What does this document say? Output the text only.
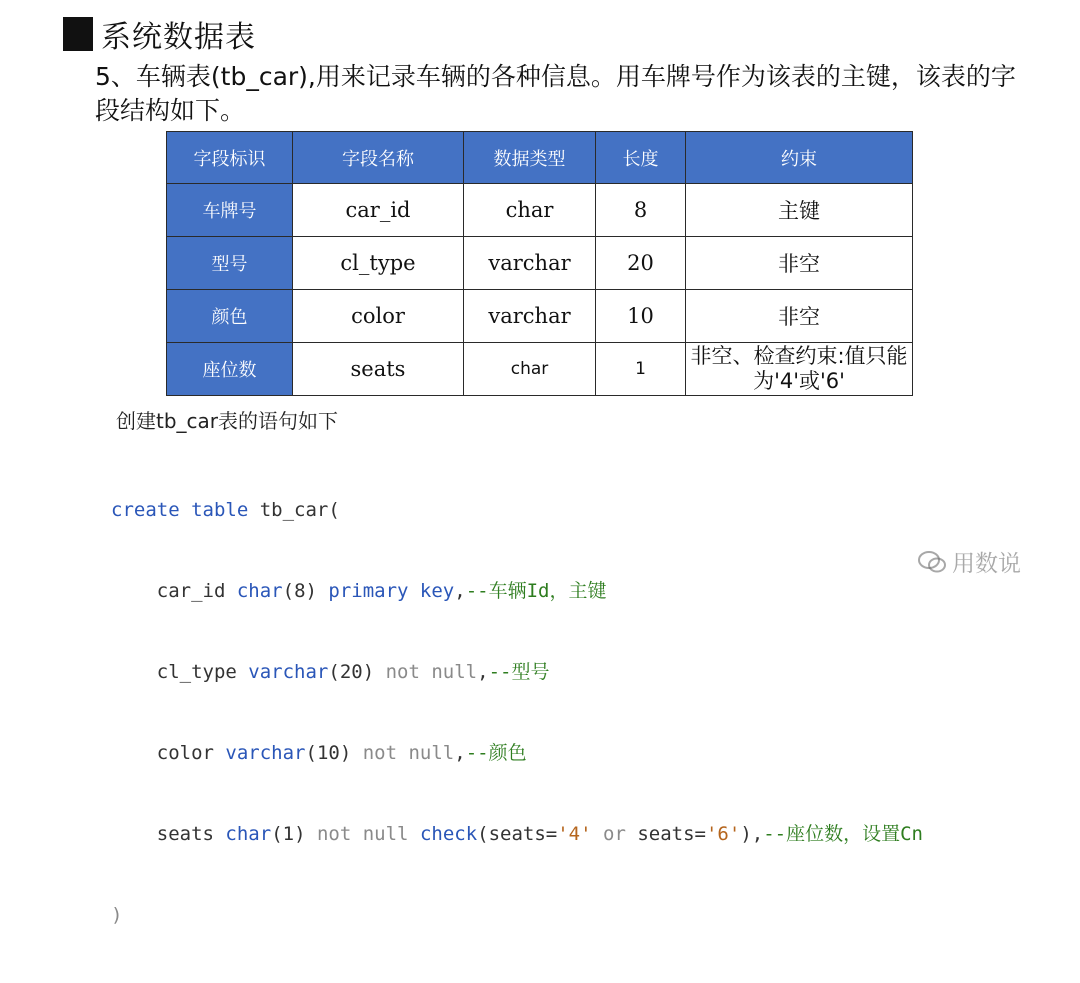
系统数据表
5、车辆表(tb_car),用来记录车辆的各种信息。用车牌号作为该表的主键，该表的字段结构如下。
字段标识	字段名称	数据类型	长度	约束
车牌号	car_id	char	8	主键
型号	cl_type	varchar	20	非空
颜色	color	varchar	10	非空
座位数	seats	char	1	非空、检查约束:值只能为'4'或'6'
创建tb_car表的语句如下

create table tb_car(

car_id char(8) primary key,--车辆Id，主键

cl_type varchar(20) not null,--型号

color varchar(10) not null,--颜色

seats char(1) not null check(seats='4' or seats='6'),--座位数，设置Cn

)

用数说
